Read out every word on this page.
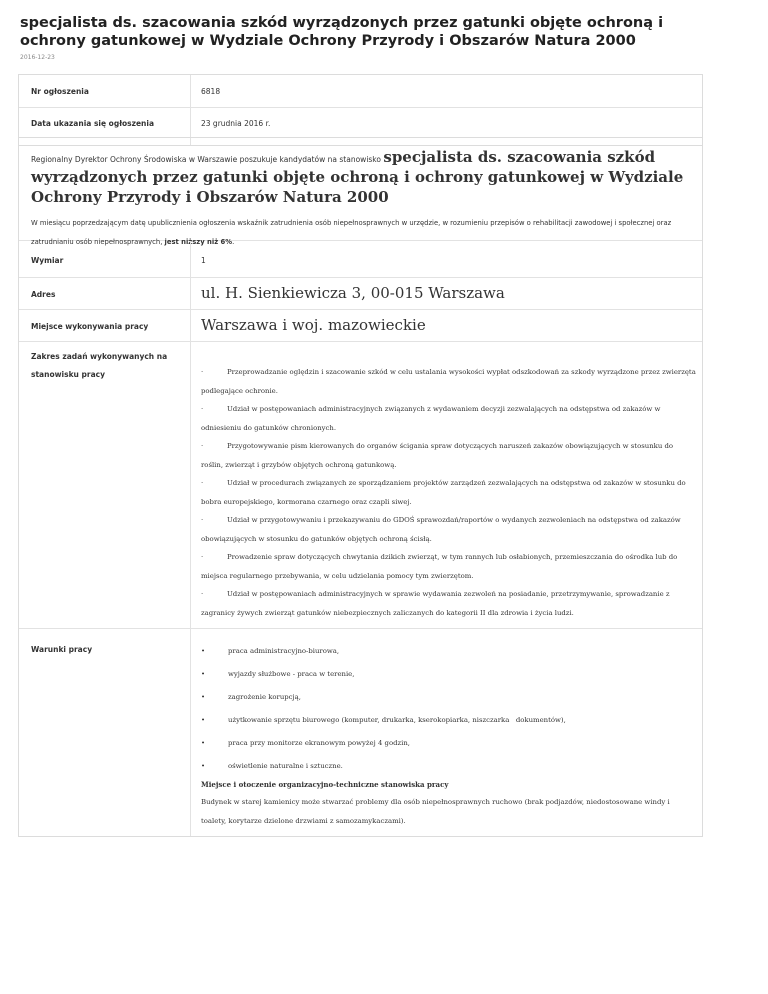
specjalista ds. szacowania szkód wyrządzonych przez gatunki objęte ochroną i ochrony gatunkowej w Wydziale Ochrony Przyrody i Obszarów Natura 2000
2016-12-23
Nr ogłoszenia	6818
Data ukazania się ogłoszenia	23 grudnia 2016 r.
Regionalny Dyrektor Ochrony Środowiska w Warszawie poszukuje kandydatów na stanowisko specjalista ds. szacowania szkód wyrządzonych przez gatunki objęte ochroną i ochrony gatunkowej w Wydziale Ochrony Przyrody i Obszarów Natura 2000
W miesiącu poprzedzającym datę upublicznienia ogłoszenia wskaźnik zatrudnienia osób niepełnosprawnych w urzędzie, w rozumieniu przepisów o rehabilitacji zawodowej i społecznej oraz zatrudnianiu osób niepełnosprawnych, jest niższy niż 6%.
Wymiar	1
Adres	ul. H. Sienkiewicza 3, 00-015 Warszawa
Miejsce wykonywania pracy	Warszawa i woj. mazowieckie
Zakres zadań wykonywanych na
stanowisku pracy	·	Przeprowadzanie oględzin i szacowanie szkód w celu ustalania wysokości wypłat odszkodowań za szkody wyrządzone przez zwierzęta podlegające ochronie.
·	Udział w postępowaniach administracyjnych związanych z wydawaniem decyzji zezwalających na odstępstwa od zakazów w odniesieniu do gatunków chronionych.
·	Przygotowywanie pism kierowanych do organów ścigania spraw dotyczących naruszeń zakazów obowiązujących w stosunku do roślin, zwierząt i grzybów objętych ochroną gatunkową.
·	Udział w procedurach związanych ze sporządzaniem projektów zarządzeń zezwalających na odstępstwa od zakazów w stosunku do bobra europejskiego, kormorana czarnego oraz czapli siwej.
·	Udział w przygotowywaniu i przekazywaniu do GDOŚ sprawozdań/raportów o wydanych zezwoleniach na odstępstwa od zakazów obowiązujących w stosunku do gatunków objętych ochroną ścisłą.
·	Prowadzenie spraw dotyczących chwytania dzikich zwierząt, w tym rannych lub osłabionych, przemieszczania do ośrodka lub do miejsca regularnego przebywania, w celu udzielania pomocy tym zwierzętom.
·	Udział w postępowaniach administracyjnych w sprawie wydawania zezwoleń na posiadanie, przetrzymywanie, sprowadzanie z zagranicy żywych zwierząt gatunków niebezpiecznych zaliczanych do kategorii II dla zdrowia i życia ludzi.
Warunki pracy	•	praca administracyjno-biurowa,
•	wyjazdy służbowe - praca w terenie,
•	zagrożenie korupcją,
•	użytkowanie sprzętu biurowego (komputer, drukarka, kserokopiarka, niszczarka   dokumentów),
•	praca przy monitorze ekranowym powyżej 4 godzin,
•	oświetlenie naturalne i sztuczne.
Miejsce i otoczenie organizacyjno-techniczne stanowiska pracy
Budynek w starej kamienicy może stwarzać problemy dla osób niepełnosprawnych ruchowo (brak podjazdów, niedostosowane windy i toalety, korytarze dzielone drzwiami z samozamykaczami).
